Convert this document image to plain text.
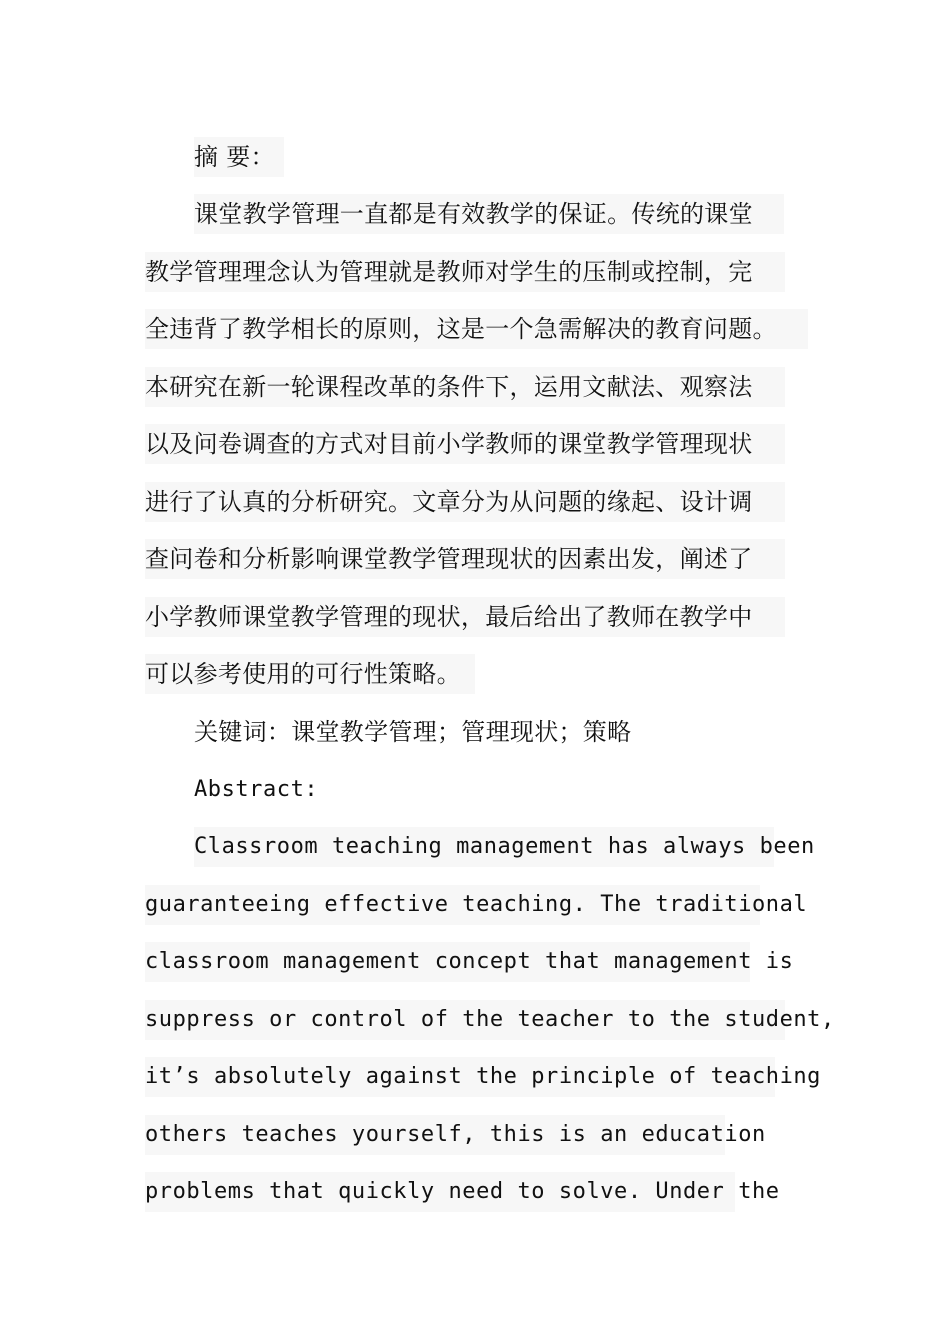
摘 要：
课堂教学管理一直都是有效教学的保证。传统的课堂
教学管理理念认为管理就是教师对学生的压制或控制，完
全违背了教学相长的原则，这是一个急需解决的教育问题。
本研究在新一轮课程改革的条件下，运用文献法、观察法
以及问卷调查的方式对目前小学教师的课堂教学管理现状
进行了认真的分析研究。文章分为从问题的缘起、设计调
查问卷和分析影响课堂教学管理现状的因素出发，阐述了
小学教师课堂教学管理的现状，最后给出了教师在教学中
可以参考使用的可行性策略。
关键词：课堂教学管理；管理现状；策略
Abstract:
Classroom teaching management has always been
guaranteeing effective teaching. The traditional
classroom management concept that management is
suppress or control of the teacher to the student,
it’s absolutely against the principle of teaching
others teaches yourself, this is an education
problems that quickly need to solve. Under the
